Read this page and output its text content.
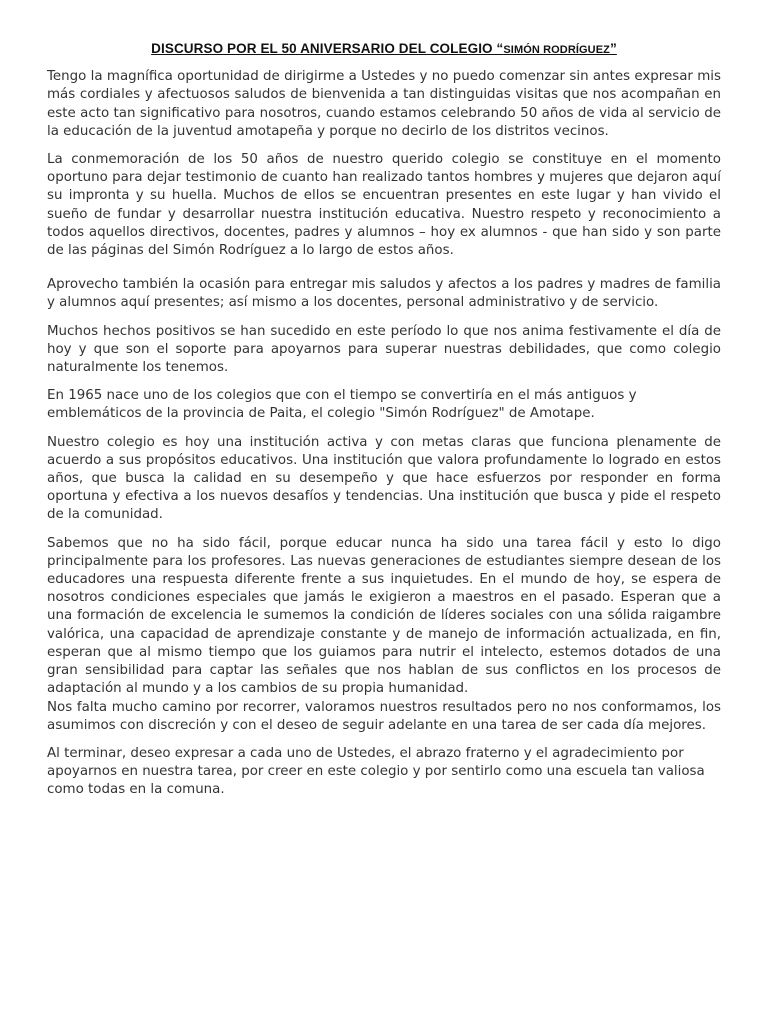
DISCURSO POR EL 50 ANIVERSARIO DEL COLEGIO “SIMÓN RODRÍGUEZ”

Tengo la magnífica oportunidad de dirigirme a Ustedes y no puedo comenzar sin antes expresar mis más cordiales y afectuosos saludos de bienvenida a tan distinguidas visitas que nos acompañan en este acto tan significativo para nosotros, cuando estamos celebrando 50 años de vida al servicio de la educación de la juventud amotapeña y porque no decirlo de los distritos vecinos.

La conmemoración de los 50 años de nuestro querido colegio se constituye en el momento oportuno para dejar testimonio de cuanto han realizado tantos hombres y mujeres que dejaron aquí su impronta y su huella. Muchos de ellos se encuentran presentes en este lugar y han vivido el sueño de fundar y desarrollar nuestra institución educativa. Nuestro respeto y reconocimiento a todos aquellos directivos, docentes, padres y alumnos – hoy ex alumnos - que han sido y son parte de las páginas del Simón Rodríguez a lo largo de estos años.

Aprovecho también la ocasión para entregar mis saludos y afectos a los padres y madres de familia y alumnos aquí presentes; así mismo a los docentes, personal administrativo y de servicio.

Muchos hechos positivos se han sucedido en este período lo que nos anima festivamente el día de hoy y que son el soporte para apoyarnos para superar nuestras debilidades, que como colegio naturalmente los tenemos.

En 1965 nace uno de los colegios que con el tiempo se convertiría en el más antiguos y emblemáticos de la provincia de Paita, el colegio "Simón Rodríguez" de Amotape.

Nuestro colegio es hoy una institución activa y con metas claras que funciona plenamente de acuerdo a sus propósitos educativos. Una institución que valora profundamente lo logrado en estos años, que busca la calidad en su desempeño y que hace esfuerzos por responder en forma oportuna y efectiva a los nuevos desafíos y tendencias. Una institución que busca y pide el respeto de la comunidad.

Sabemos que no ha sido fácil, porque educar nunca ha sido una tarea fácil y esto lo digo principalmente para los profesores. Las nuevas generaciones de estudiantes siempre desean de los educadores una respuesta diferente frente a sus inquietudes. En el mundo de hoy, se espera de nosotros condiciones especiales que jamás le exigieron a maestros en el pasado. Esperan que a una formación de excelencia le sumemos la condición de líderes sociales con una sólida raigambre valórica, una capacidad de aprendizaje constante y de manejo de información actualizada, en fin, esperan que al mismo tiempo que los guiamos para nutrir el intelecto, estemos dotados de una gran sensibilidad para captar las señales que nos hablan de sus conflictos en los procesos de adaptación al mundo y a los cambios de su propia humanidad.

Nos falta mucho camino por recorrer, valoramos nuestros resultados pero no nos conformamos, los asumimos con discreción y con el deseo de seguir adelante en una tarea de ser cada día mejores.

Al terminar, deseo expresar a cada uno de Ustedes, el abrazo fraterno y el agradecimiento por apoyarnos en nuestra tarea, por creer en este colegio y por sentirlo como una escuela tan valiosa como todas en la comuna.
